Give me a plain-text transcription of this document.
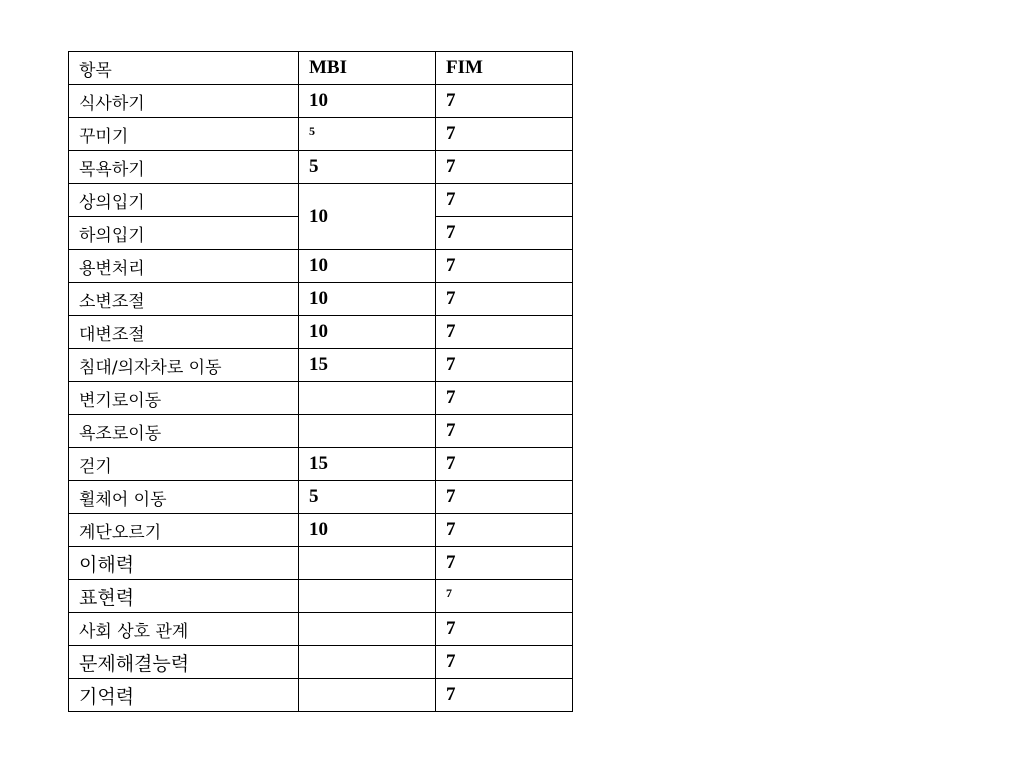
항목	MBI	FIM
식사하기	10	7
꾸미기	5	7
목욕하기	5	7
상의입기	10	7
하의입기		7
용변처리	10	7
소변조절	10	7
대변조절	10	7
침대/의자차로 이동	15	7
변기로이동		7
욕조로이동		7
걷기	15	7
휠체어 이동	5	7
계단오르기	10	7
이해력		7
표현력		7
사회 상호 관계		7
문제해결능력		7
기억력		7
